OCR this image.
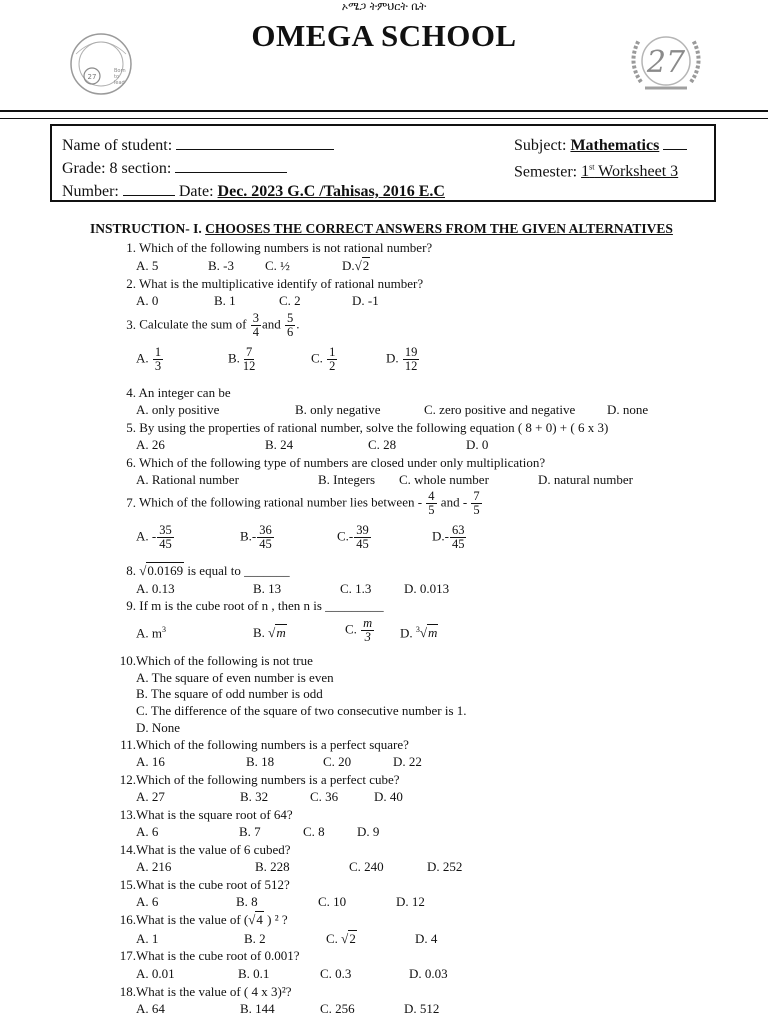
ኦሜጋ ትምህርት ቤት
OMEGA SCHOOL
27
Born
to
lead
27
Name of student:	Subject: Mathematics
Grade: 8 section:	Semester: 1st Worksheet 3
Number:	Date: Dec. 2023 G.C /Tahisas, 2016 E.C
INSTRUCTION- I. CHOOSES THE CORRECT ANSWERS FROM THE GIVEN ALTERNATIVES
1. Which of the following numbers is not rational number?
A. 5	B. -3 C. ½	D.√2
2. What is the multiplicative identify of rational number?
A. 0	B. 1	C. 2	D. -1
3. Calculate the sum of $\frac{3}{4}$ and $\frac{5}{6}$ .
A. $\frac{1}{3}$	B. $\frac{7}{12}$	C. $\frac{1}{2}$	D. $\frac{19}{12}$
4. An integer can be
A. only positive	B. only negative	C. zero positive and negative D. none
5. By using the properties of rational number, solve the following equation ( 8 + 0) + ( 6 x 3)
A. 26	B. 24	C. 28	D. 0
6. Which of the following type of numbers are closed under only multiplication?
A. Rational number	B. Integers C. whole number	D. natural number
7. Which of the following rational number lies between - $\frac{4}{5}$ and - $\frac{7}{5}$
A. - $\frac{35}{45}$	$B.- \frac{36}{45}$	$C.- \frac{39}{45}$	$D.- \frac{63}{45}$
8. √0.0169 is equal to _______
A. 0.13	B. 13	C. 1.3	D. 0.013
9. If m is the cube root of n , then n is _________
A. $m^3$	B. √m	C. $\frac{m}{3} D$. $^3$√m
10.Which of the following is not true
A. The square of even number is even
B. The square of odd number is odd
C. The difference of the square of two consecutive number is 1.
D. None
11.Which of the following numbers is a perfect square?
A. 16	B. 18	C. 20	D. 22
12.Which of the following numbers is a perfect cube?
A. 27	B. 32	C. 36	D. 40
13.What is the square root of 64?
A. 6	B. 7	C. 8 D. 9
14.What is the value of 6 cubed?
A. 216	B. 228	C. 240	D. 252
15.What is the cube root of 512?
A. 6	B. 8	C. 10	D. 12
16.What is the value of (√4 ) ² ?
A. 1	B. 2	C. √2	D. 4
17.What is the cube root of 0.001?
A. 0.01	B. 0.1	C. 0.3	D. 0.03
18.What is the value of ( 4 x 3)²?
A. 64	B. 144	C. 256	D. 512
